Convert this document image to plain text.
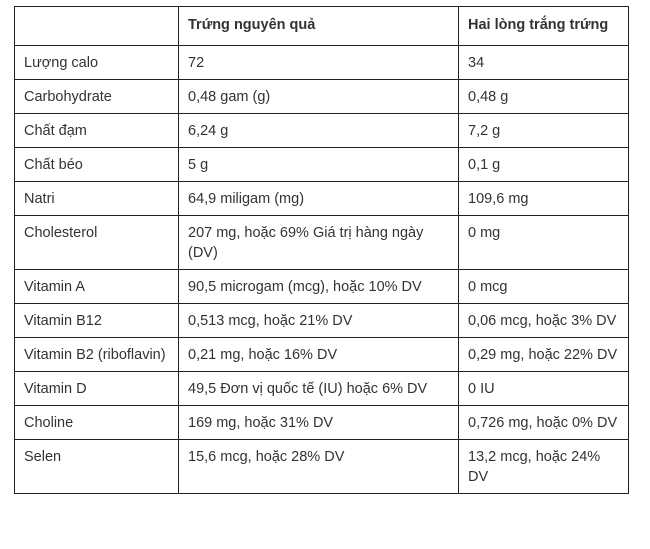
	Trứng nguyên quả	Hai lòng trắng trứng
Lượng calo	72	34
Carbohydrate	0,48 gam (g)	0,48 g
Chất đạm	6,24 g	7,2 g
Chất béo	5 g	0,1 g
Natri	64,9 miligam (mg)	109,6 mg
Cholesterol	207 mg, hoặc 69% Giá trị hàng ngày (DV)	0 mg
Vitamin A	90,5 microgam (mcg), hoặc 10% DV	0 mcg
Vitamin B12	0,513 mcg, hoặc 21% DV	0,06 mcg, hoặc 3% DV
Vitamin B2 (riboflavin)	0,21 mg, hoặc 16% DV	0,29 mg, hoặc 22% DV
Vitamin D	49,5 Đơn vị quốc tế (IU) hoặc 6% DV	0 IU
Choline	169 mg, hoặc 31% DV	0,726 mg, hoặc 0% DV
Selen	15,6 mcg, hoặc 28% DV	13,2 mcg, hoặc 24% DV
